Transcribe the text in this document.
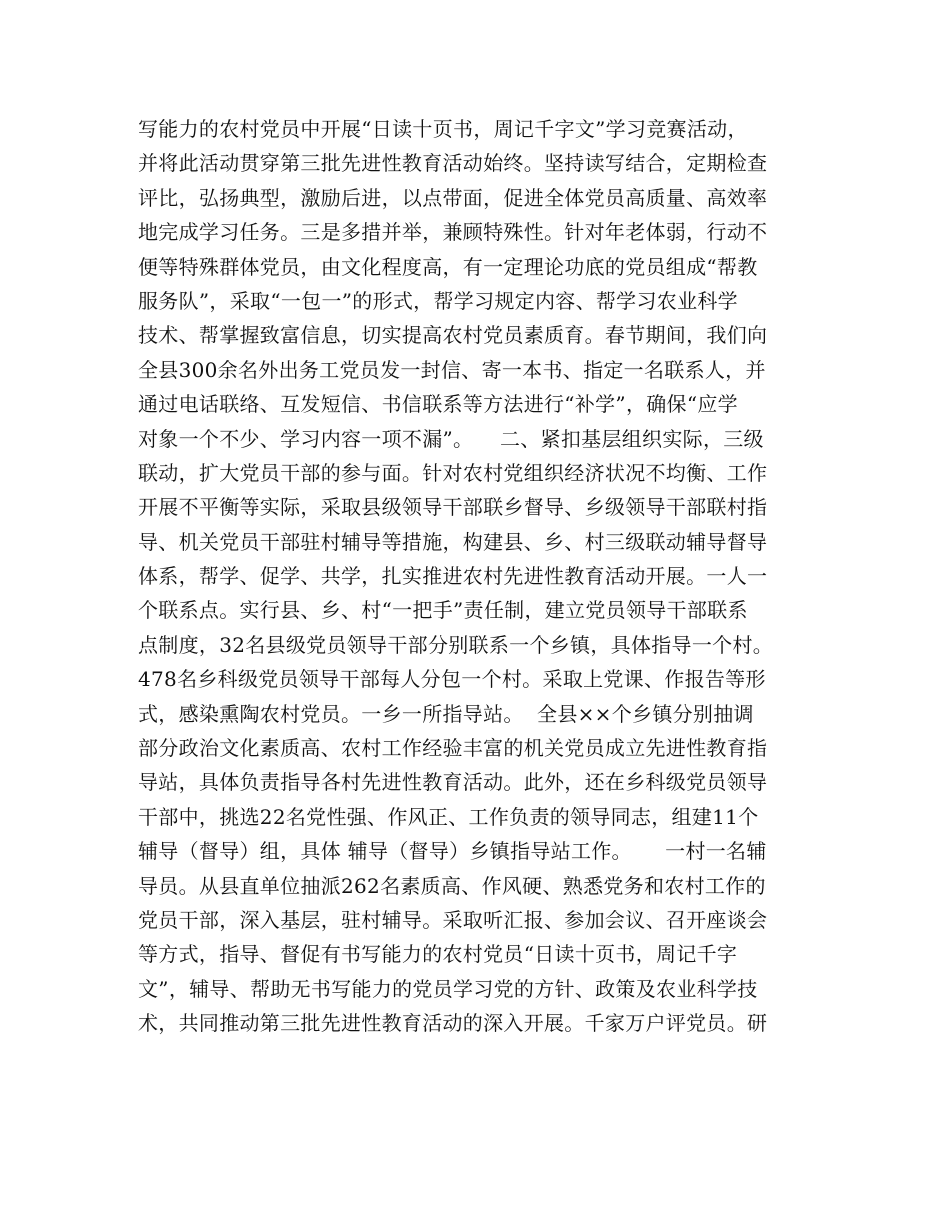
写能力的农村党员中开展“日读十页书，周记千字文”学习竞赛活动，
并将此活动贯穿第三批先进性教育活动始终。坚持读写结合，定期检查
评比，弘扬典型，激励后进，以点带面，促进全体党员高质量、高效率
地完成学习任务。三是多措并举，兼顾特殊性。针对年老体弱，行动不
便等特殊群体党员，由文化程度高，有一定理论功底的党员组成“帮教
服务队”，采取“一包一”的形式，帮学习规定内容、帮学习农业科学
技术、帮掌握致富信息，切实提高农村党员素质育。春节期间，我们向
全县300余名外出务工党员发一封信、寄一本书、指定一名联系人，并
通过电话联络、互发短信、书信联系等方法进行“补学”，确保“应学
对象一个不少、学习内容一项不漏”。    二、紧扣基层组织实际，三级
联动，扩大党员干部的参与面。针对农村党组织经济状况不均衡、工作
开展不平衡等实际，采取县级领导干部联乡督导、乡级领导干部联村指
导、机关党员干部驻村辅导等措施，构建县、乡、村三级联动辅导督导
体系，帮学、促学、共学，扎实推进农村先进性教育活动开展。一人一
个联系点。实行县、乡、村“一把手”责任制，建立党员领导干部联系
点制度，32名县级党员领导干部分别联系一个乡镇，具体指导一个村。
478名乡科级党员领导干部每人分包一个村。采取上党课、作报告等形
式，感染熏陶农村党员。一乡一所指导站。  全县××个乡镇分别抽调
部分政治文化素质高、农村工作经验丰富的机关党员成立先进性教育指
导站，具体负责指导各村先进性教育活动。此外，还在乡科级党员领导
干部中，挑选22名党性强、作风正、工作负责的领导同志，组建11个
辅导（督导）组，具体 辅导（督导）乡镇指导站工作。     一村一名辅
导员。从县直单位抽派262名素质高、作风硬、熟悉党务和农村工作的
党员干部，深入基层，驻村辅导。采取听汇报、参加会议、召开座谈会
等方式，指导、督促有书写能力的农村党员“日读十页书，周记千字
文”，辅导、帮助无书写能力的党员学习党的方针、政策及农业科学技
术，共同推动第三批先进性教育活动的深入开展。千家万户评党员。研
